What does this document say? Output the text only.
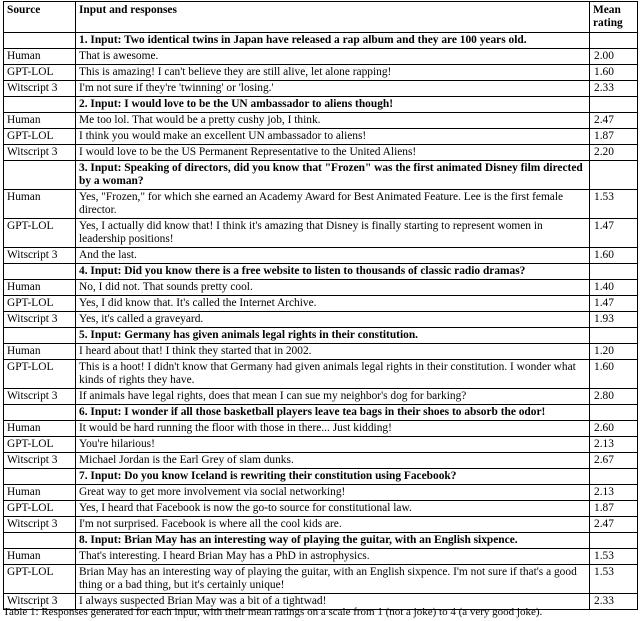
Source	Input and responses	Mean rating
	1. Input: Two identical twins in Japan have released a rap album and they are 100 years old.	
Human	That is awesome.	2.00
GPT-LOL	This is amazing! I can't believe they are still alive, let alone rapping!	1.60
Witscript 3	I'm not sure if they're 'twinning' or 'losing.'	2.33
	2. Input: I would love to be the UN ambassador to aliens though!	
Human	Me too lol. That would be a pretty cushy job, I think.	2.47
GPT-LOL	I think you would make an excellent UN ambassador to aliens!	1.87
Witscript 3	I would love to be the US Permanent Representative to the United Aliens!	2.20
	3. Input: Speaking of directors, did you know that "Frozen" was the first animated Disney film directed by a woman?	
Human	Yes, "Frozen," for which she earned an Academy Award for Best Animated Feature. Lee is the first female director.	1.53
GPT-LOL	Yes, I actually did know that! I think it's amazing that Disney is finally starting to represent women in leadership positions!	1.47
Witscript 3	And the last.	1.60
	4. Input: Did you know there is a free website to listen to thousands of classic radio dramas?	
Human	No, I did not. That sounds pretty cool.	1.40
GPT-LOL	Yes, I did know that. It's called the Internet Archive.	1.47
Witscript 3	Yes, it's called a graveyard.	1.93
	5. Input: Germany has given animals legal rights in their constitution.	
Human	I heard about that! I think they started that in 2002.	1.20
GPT-LOL	This is a hoot! I didn't know that Germany had given animals legal rights in their constitution. I wonder what kinds of rights they have.	1.60
Witscript 3	If animals have legal rights, does that mean I can sue my neighbor's dog for barking?	2.80
	6. Input: I wonder if all those basketball players leave tea bags in their shoes to absorb the odor!	
Human	It would be hard running the floor with those in there... Just kidding!	2.60
GPT-LOL	You're hilarious!	2.13
Witscript 3	Michael Jordan is the Earl Grey of slam dunks.	2.67
	7. Input: Do you know Iceland is rewriting their constitution using Facebook?	
Human	Great way to get more involvement via social networking!	2.13
GPT-LOL	Yes, I heard that Facebook is now the go-to source for constitutional law.	1.87
Witscript 3	I'm not surprised. Facebook is where all the cool kids are.	2.47
	8. Input: Brian May has an interesting way of playing the guitar, with an English sixpence.	
Human	That's interesting. I heard Brian May has a PhD in astrophysics.	1.53
GPT-LOL	Brian May has an interesting way of playing the guitar, with an English sixpence. I'm not sure if that's a good thing or a bad thing, but it's certainly unique!	1.53
Witscript 3	I always suspected Brian May was a bit of a tightwad!	2.33
Table 1: Responses generated for each input, with their mean ratings on a scale from 1 (not a joke) to 4 (a very good joke).
